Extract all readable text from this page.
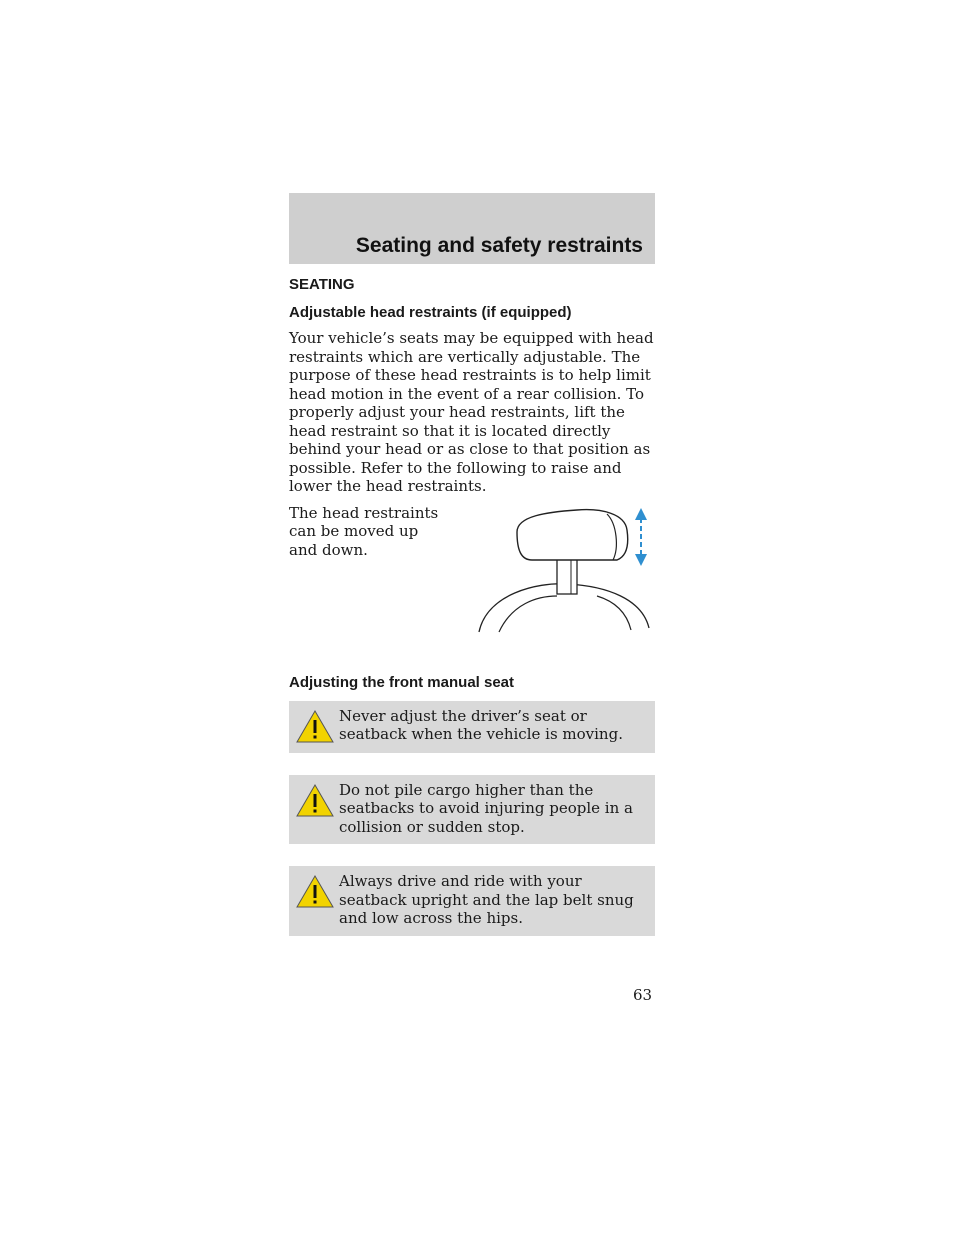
Seating and safety restraints
SEATING
Adjustable head restraints (if equipped)

Your vehicle’s seats may be equipped with head restraints which are vertically adjustable. The purpose of these head restraints is to help limit head motion in the event of a rear collision. To properly adjust your head restraints, lift the head restraint so that it is located directly behind your head or as close to that position as possible. Refer to the following to raise and lower the head restraints.

The head restraints can be moved up and down.
Adjusting the front manual seat
Never adjust the driver’s seat or seatback when the vehicle is moving.
Do not pile cargo higher than the seatbacks to avoid injuring people in a collision or sudden stop.
Always drive and ride with your seatback upright and the lap belt snug and low across the hips.
63
